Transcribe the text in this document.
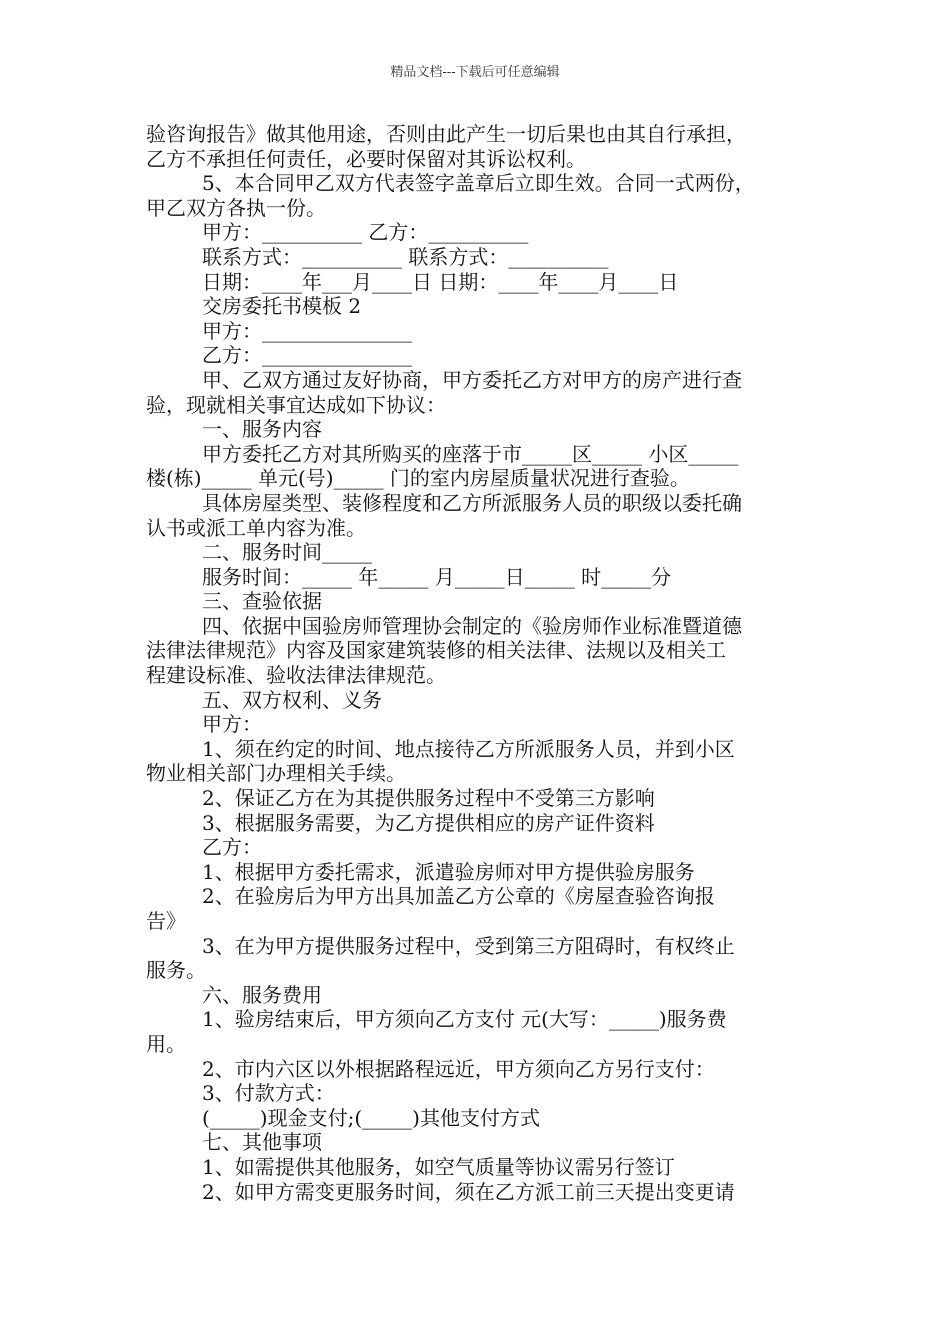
精品文档---下载后可任意编辑
验咨询报告》做其他用途，否则由此产生一切后果也由其自行承担，
乙方不承担任何责任，必要时保留对其诉讼权利。
5、本合同甲乙双方代表签字盖章后立即生效。合同一式两份，
甲乙双方各执一份。
甲方：__________ 乙方：__________
联系方式：__________ 联系方式：__________
日期：____年___月____日 日期：____年____月____日
交房委托书模板 2
甲方：_______________
乙方：_______________
甲、乙双方通过友好协商，甲方委托乙方对甲方的房产进行查
验，现就相关事宜达成如下协议：
一、服务内容
甲方委托乙方对其所购买的座落于市_____区_____ 小区_____
楼(栋)_____ 单元(号)_____ 门的室内房屋质量状况进行查验。
具体房屋类型、装修程度和乙方所派服务人员的职级以委托确
认书或派工单内容为准。
二、服务时间_____
服务时间：_____ 年_____ 月_____日_____ 时_____分
三、查验依据
四、依据中国验房师管理协会制定的《验房师作业标准暨道德
法律法律规范》内容及国家建筑装修的相关法律、法规以及相关工
程建设标准、验收法律法律规范。
五、双方权利、义务
甲方：
1、须在约定的时间、地点接待乙方所派服务人员，并到小区
物业相关部门办理相关手续。
2、保证乙方在为其提供服务过程中不受第三方影响
3、根据服务需要，为乙方提供相应的房产证件资料
乙方：
1、根据甲方委托需求，派遣验房师对甲方提供验房服务
2、在验房后为甲方出具加盖乙方公章的《房屋查验咨询报
告》
3、在为甲方提供服务过程中，受到第三方阻碍时，有权终止
服务。
六、服务费用
1、验房结束后，甲方须向乙方支付 元(大写：_____)服务费
用。
2、市内六区以外根据路程远近，甲方须向乙方另行支付：
3、付款方式：
(_____)现金支付;(_____)其他支付方式
七、其他事项
1、如需提供其他服务，如空气质量等协议需另行签订
2、如甲方需变更服务时间，须在乙方派工前三天提出变更请
